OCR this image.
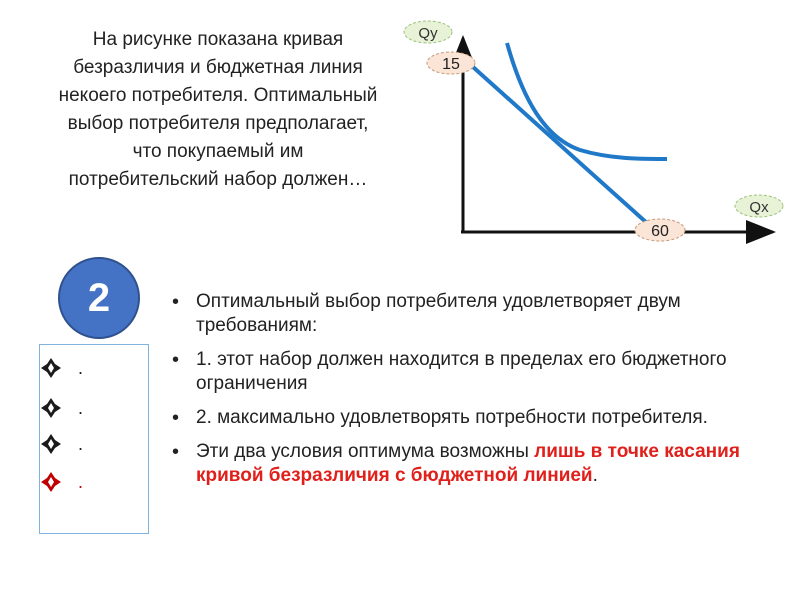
На рисунке показана кривая безразличия и бюджетная линия некоего потребителя. Оптимальный выбор потребителя предполагает, что покупаемый им потребительский набор должен…
Qy
15
Qx
60
2
.
.
.
.
• Оптимальный выбор потребителя удовлетворяет двум требованиям:
• 1. этот набор должен находится в пределах его бюджетного ограничения
• 2. максимально удовлетворять потребности потребителя.
• Эти два условия оптимума возможны лишь в точке касания кривой безразличия с бюджетной линией.
